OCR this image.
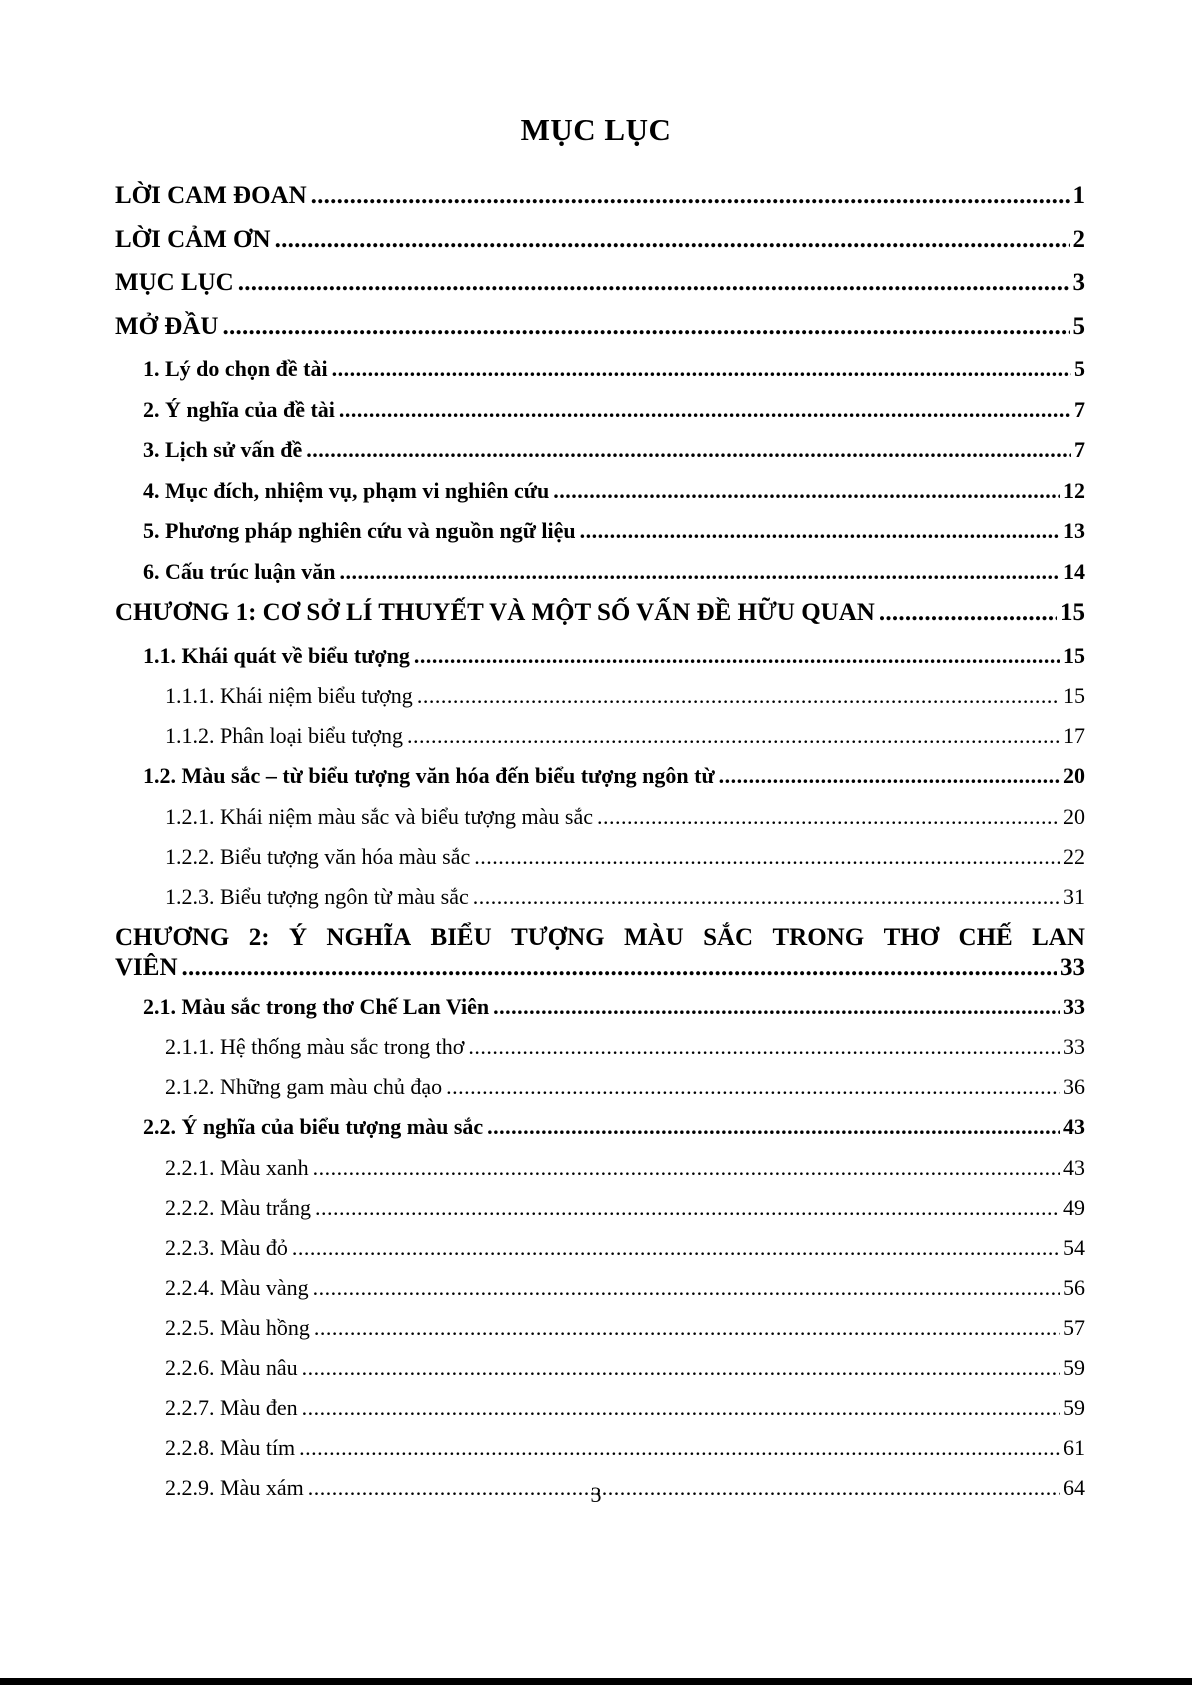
MỤC LỤC
LỜI CAM ĐOAN . . .	1
LỜI CẢM ƠN . . .	2
MỤC LỤC . . .	3
MỞ ĐẦU . . .	5
1. Lý do chọn đề tài . . .	5
2. Ý nghĩa của đề tài . . .	7
3. Lịch sử vấn đề . . .	7
4. Mục đích, nhiệm vụ, phạm vi nghiên cứu . . .	12
5. Phương pháp nghiên cứu và nguồn ngữ liệu . . .	13
6. Cấu trúc luận văn . . .	14
CHƯƠNG 1: CƠ SỞ LÍ THUYẾT VÀ MỘT SỐ VẤN ĐỀ HỮU QUAN . . .	15
1.1. Khái quát về biểu tượng . . .	15
1.1.1. Khái niệm biểu tượng . . .	15
1.1.2. Phân loại biểu tượng . . .	17
1.2. Màu sắc – từ biểu tượng văn hóa đến biểu tượng ngôn từ . . .	20
1.2.1. Khái niệm màu sắc và biểu tượng màu sắc . . .	20
1.2.2. Biểu tượng văn hóa màu sắc . . .	22
1.2.3. Biểu tượng ngôn từ màu sắc . . .	31
CHƯƠNG 2: Ý NGHĨA BIỂU TƯỢNG MÀU SẮC TRONG THƠ CHẾ LAN
VIÊN . . .	33
2.1. Màu sắc trong thơ Chế Lan Viên . . .	33
2.1.1. Hệ thống màu sắc trong thơ . . .	33
2.1.2. Những gam màu chủ đạo . . .	36
2.2. Ý nghĩa của biểu tượng màu sắc . . .	43
2.2.1. Màu xanh . . .	43
2.2.2. Màu trắng . . .	49
2.2.3. Màu đỏ . . .	54
2.2.4. Màu vàng . . .	56
2.2.5. Màu hồng . . .	57
2.2.6. Màu nâu . . .	59
2.2.7. Màu đen . . .	59
2.2.8. Màu tím . . .	61
2.2.9. Màu xám . . .	64
3
